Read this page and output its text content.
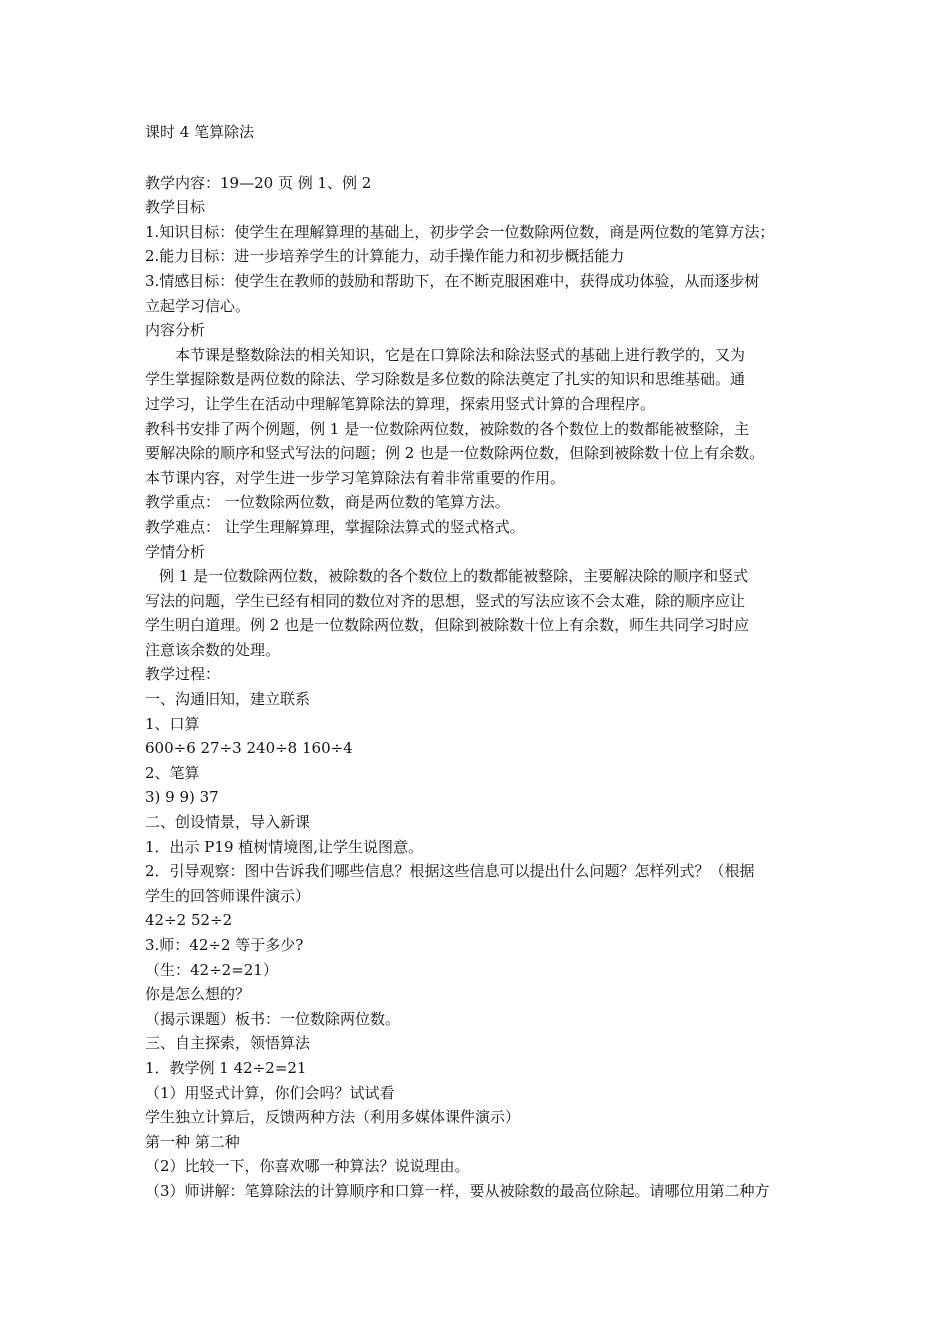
课时 4 笔算除法
教学内容：19—20 页 例 1、例 2
教学目标
1.知识目标：使学生在理解算理的基础上，初步学会一位数除两位数，商是两位数的笔算方法；
2.能力目标：进一步培养学生的计算能力，动手操作能力和初步概括能力
3.情感目标：使学生在教师的鼓励和帮助下，在不断克服困难中，获得成功体验，从而逐步树
立起学习信心。
内容分析
本节课是整数除法的相关知识，它是在口算除法和除法竖式的基础上进行教学的，又为
学生掌握除数是两位数的除法、学习除数是多位数的除法奠定了扎实的知识和思维基础。通
过学习，让学生在活动中理解笔算除法的算理，探索用竖式计算的合理程序。
教科书安排了两个例题，例 1 是一位数除两位数，被除数的各个数位上的数都能被整除，主
要解决除的顺序和竖式写法的问题；例 2 也是一位数除两位数，但除到被除数十位上有余数。
本节课内容，对学生进一步学习笔算除法有着非常重要的作用。
教学重点： 一位数除两位数，商是两位数的笔算方法。
教学难点： 让学生理解算理，掌握除法算式的竖式格式。
学情分析
例 1 是一位数除两位数，被除数的各个数位上的数都能被整除，主要解决除的顺序和竖式
写法的问题，学生已经有相同的数位对齐的思想，竖式的写法应该不会太难，除的顺序应让
学生明白道理。例 2 也是一位数除两位数，但除到被除数十位上有余数，师生共同学习时应
注意该余数的处理。
教学过程：
一、沟通旧知，建立联系
1、口算
600÷6 27÷3 240÷8 160÷4
2、笔算
3) 9 9) 37
二、创设情景，导入新课
1．出示 P19 植树情境图,让学生说图意。
2．引导观察：图中告诉我们哪些信息？根据这些信息可以提出什么问题？怎样列式？（根据
学生的回答师课件演示）
42÷2 52÷2
3.师：42÷2 等于多少?
（生：42÷2=21）
你是怎么想的？
（揭示课题）板书：一位数除两位数。
三、自主探索，领悟算法
1．教学例 1 42÷2=21
（1）用竖式计算，你们会吗？试试看
学生独立计算后，反馈两种方法（利用多媒体课件演示）
第一种 第二种
（2）比较一下，你喜欢哪一种算法？说说理由。
（3）师讲解：笔算除法的计算顺序和口算一样，要从被除数的最高位除起。请哪位用第二种方
